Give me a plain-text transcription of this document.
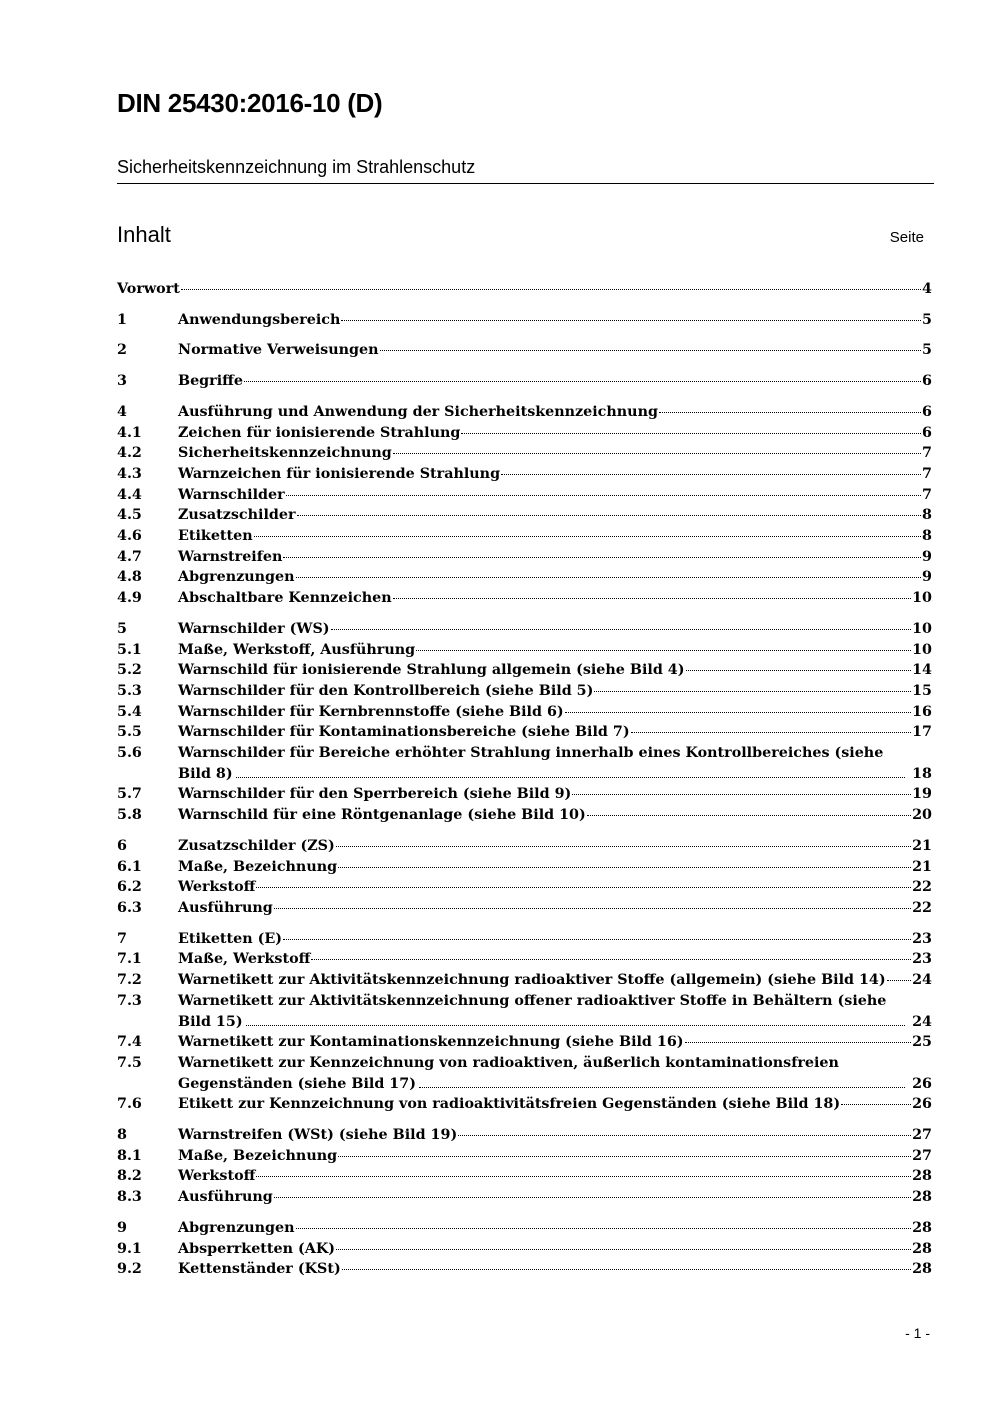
DIN 25430:2016-10 (D)
Sicherheitskennzeichnung im Strahlenschutz
Inhalt	Seite
Vorwort	4
1	Anwendungsbereich	5
2	Normative Verweisungen	5
3	Begriffe	6
4	Ausführung und Anwendung der Sicherheitskennzeichnung	6
4.1	Zeichen für ionisierende Strahlung	6
4.2	Sicherheitskennzeichnung	7
4.3	Warnzeichen für ionisierende Strahlung	7
4.4	Warnschilder	7
4.5	Zusatzschilder	8
4.6	Etiketten	8
4.7	Warnstreifen	9
4.8	Abgrenzungen	9
4.9	Abschaltbare Kennzeichen	10
5	Warnschilder (WS)	10
5.1	Maße, Werkstoff, Ausführung	10
5.2	Warnschild für ionisierende Strahlung allgemein (siehe Bild 4)	14
5.3	Warnschilder für den Kontrollbereich (siehe Bild 5)	15
5.4	Warnschilder für Kernbrennstoffe (siehe Bild 6)	16
5.5	Warnschilder für Kontaminationsbereiche (siehe Bild 7)	17
5.6	Warnschilder für Bereiche erhöhter Strahlung innerhalb eines Kontrollbereiches (siehe Bild 8)	18
5.7	Warnschilder für den Sperrbereich (siehe Bild 9)	19
5.8	Warnschild für eine Röntgenanlage (siehe Bild 10)	20
6	Zusatzschilder (ZS)	21
6.1	Maße, Bezeichnung	21
6.2	Werkstoff	22
6.3	Ausführung	22
7	Etiketten (E)	23
7.1	Maße, Werkstoff	23
7.2	Warnetikett zur Aktivitätskennzeichnung radioaktiver Stoffe (allgemein) (siehe Bild 14) 24
7.3	Warnetikett zur Aktivitätskennzeichnung offener radioaktiver Stoffe in Behältern (siehe Bild 15)	24
7.4	Warnetikett zur Kontaminationskennzeichnung (siehe Bild 16)	25
7.5	Warnetikett zur Kennzeichnung von radioaktiven, äußerlich kontaminationsfreien Gegenständen (siehe Bild 17)	26
7.6	Etikett zur Kennzeichnung von radioaktivitätsfreien Gegenständen (siehe Bild 18)	26
8	Warnstreifen (WSt) (siehe Bild 19)	27
8.1	Maße, Bezeichnung	27
8.2	Werkstoff	28
8.3	Ausführung	28
9	Abgrenzungen	28
9.1	Absperrketten (AK)	28
9.2	Kettenständer (KSt)	28
- 1 -
